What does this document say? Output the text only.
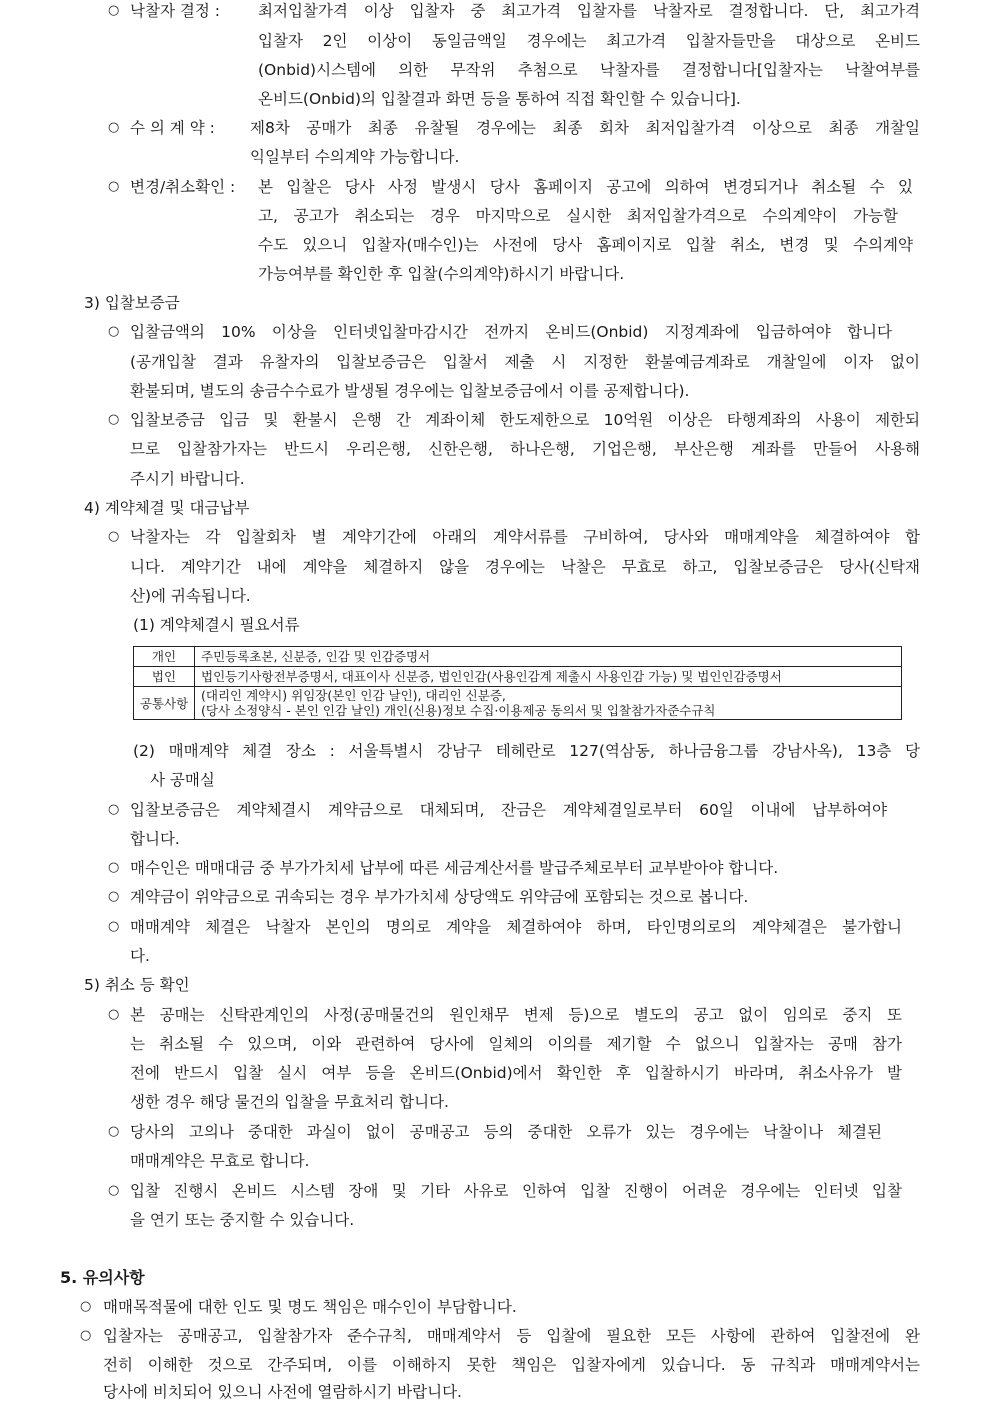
○ 낙찰자 결정 : 최저입찰가격 이상 입찰자 중 최고가격 입찰자를 낙찰자로 결정합니다. 단, 최고가격
입찰자 2인 이상이 동일금액일 경우에는 최고가격 입찰자들만을 대상으로 온비드
(Onbid)시스템에 의한 무작위 추첨으로 낙찰자를 결정합니다[입찰자는 낙찰여부를
온비드(Onbid)의 입찰결과 화면 등을 통하여 직접 확인할 수 있습니다].
○ 수 의 계 약 : 제8차 공매가 최종 유찰될 경우에는 최종 회차 최저입찰가격 이상으로 최종 개찰일
익일부터 수의계약 가능합니다.
○ 변경/취소확인 : 본 입찰은 당사 사정 발생시 당사 홈페이지 공고에 의하여 변경되거나 취소될 수 있
고, 공고가 취소되는 경우 마지막으로 실시한 최저입찰가격으로 수의계약이 가능할
수도 있으니 입찰자(매수인)는 사전에 당사 홈페이지로 입찰 취소, 변경 및 수의계약
가능여부를 확인한 후 입찰(수의계약)하시기 바랍니다.
3) 입찰보증금
○ 입찰금액의 10% 이상을 인터넷입찰마감시간 전까지 온비드(Onbid) 지정계좌에 입금하여야 합니다
(공개입찰 결과 유찰자의 입찰보증금은 입찰서 제출 시 지정한 환불예금계좌로 개찰일에 이자 없이
환불되며, 별도의 송금수수료가 발생될 경우에는 입찰보증금에서 이를 공제합니다).
○ 입찰보증금 입금 및 환불시 은행 간 계좌이체 한도제한으로 10억원 이상은 타행계좌의 사용이 제한되
므로 입찰참가자는 반드시 우리은행, 신한은행, 하나은행, 기업은행, 부산은행 계좌를 만들어 사용해
주시기 바랍니다.
4) 계약체결 및 대금납부
○ 낙찰자는 각 입찰회차 별 계약기간에 아래의 계약서류를 구비하여, 당사와 매매계약을 체결하여야 합
니다. 계약기간 내에 계약을 체결하지 않을 경우에는 낙찰은 무효로 하고, 입찰보증금은 당사(신탁재
산)에 귀속됩니다.
(1) 계약체결시 필요서류
개인	주민등록초본, 신분증, 인감 및 인감증명서

법인	법인등기사항전부증명서, 대표이사 신분증, 법인인감(사용인감계 제출시 사용인감 가능) 및 법인인감증명서

공통사항	(대리인 계약시) 위임장(본인 인감 날인), 대리인 신분증,
(당사 소정양식 - 본인 인감 날인) 개인(신용)정보 수집·이용제공 동의서 및 입찰참가자준수규칙
(2) 매매계약 체결 장소 : 서울특별시 강남구 테헤란로 127(역삼동, 하나금융그룹 강남사옥), 13층 당
사 공매실
○ 입찰보증금은 계약체결시 계약금으로 대체되며, 잔금은 계약체결일로부터 60일 이내에 납부하여야
합니다.
○ 매수인은 매매대금 중 부가가치세 납부에 따른 세금계산서를 발급주체로부터 교부받아야 합니다.
○ 계약금이 위약금으로 귀속되는 경우 부가가치세 상당액도 위약금에 포함되는 것으로 봅니다.
○ 매매계약 체결은 낙찰자 본인의 명의로 계약을 체결하여야 하며, 타인명의로의 계약체결은 불가합니
다.
5) 취소 등 확인
○ 본 공매는 신탁관계인의 사정(공매물건의 원인채무 변제 등)으로 별도의 공고 없이 임의로 중지 또
는 취소될 수 있으며, 이와 관련하여 당사에 일체의 이의를 제기할 수 없으니 입찰자는 공매 참가
전에 반드시 입찰 실시 여부 등을 온비드(Onbid)에서 확인한 후 입찰하시기 바라며, 취소사유가 발
생한 경우 해당 물건의 입찰을 무효처리 합니다.
○ 당사의 고의나 중대한 과실이 없이 공매공고 등의 중대한 오류가 있는 경우에는 낙찰이나 체결된
매매계약은 무효로 합니다.
○ 입찰 진행시 온비드 시스템 장애 및 기타 사유로 인하여 입찰 진행이 어려운 경우에는 인터넷 입찰
을 연기 또는 중지할 수 있습니다.
5. 유의사항
○ 매매목적물에 대한 인도 및 명도 책임은 매수인이 부담합니다.
○ 입찰자는 공매공고, 입찰참가자 준수규칙, 매매계약서 등 입찰에 필요한 모든 사항에 관하여 입찰전에 완
전히 이해한 것으로 간주되며, 이를 이해하지 못한 책임은 입찰자에게 있습니다. 동 규칙과 매매계약서는
당사에 비치되어 있으니 사전에 열람하시기 바랍니다.
